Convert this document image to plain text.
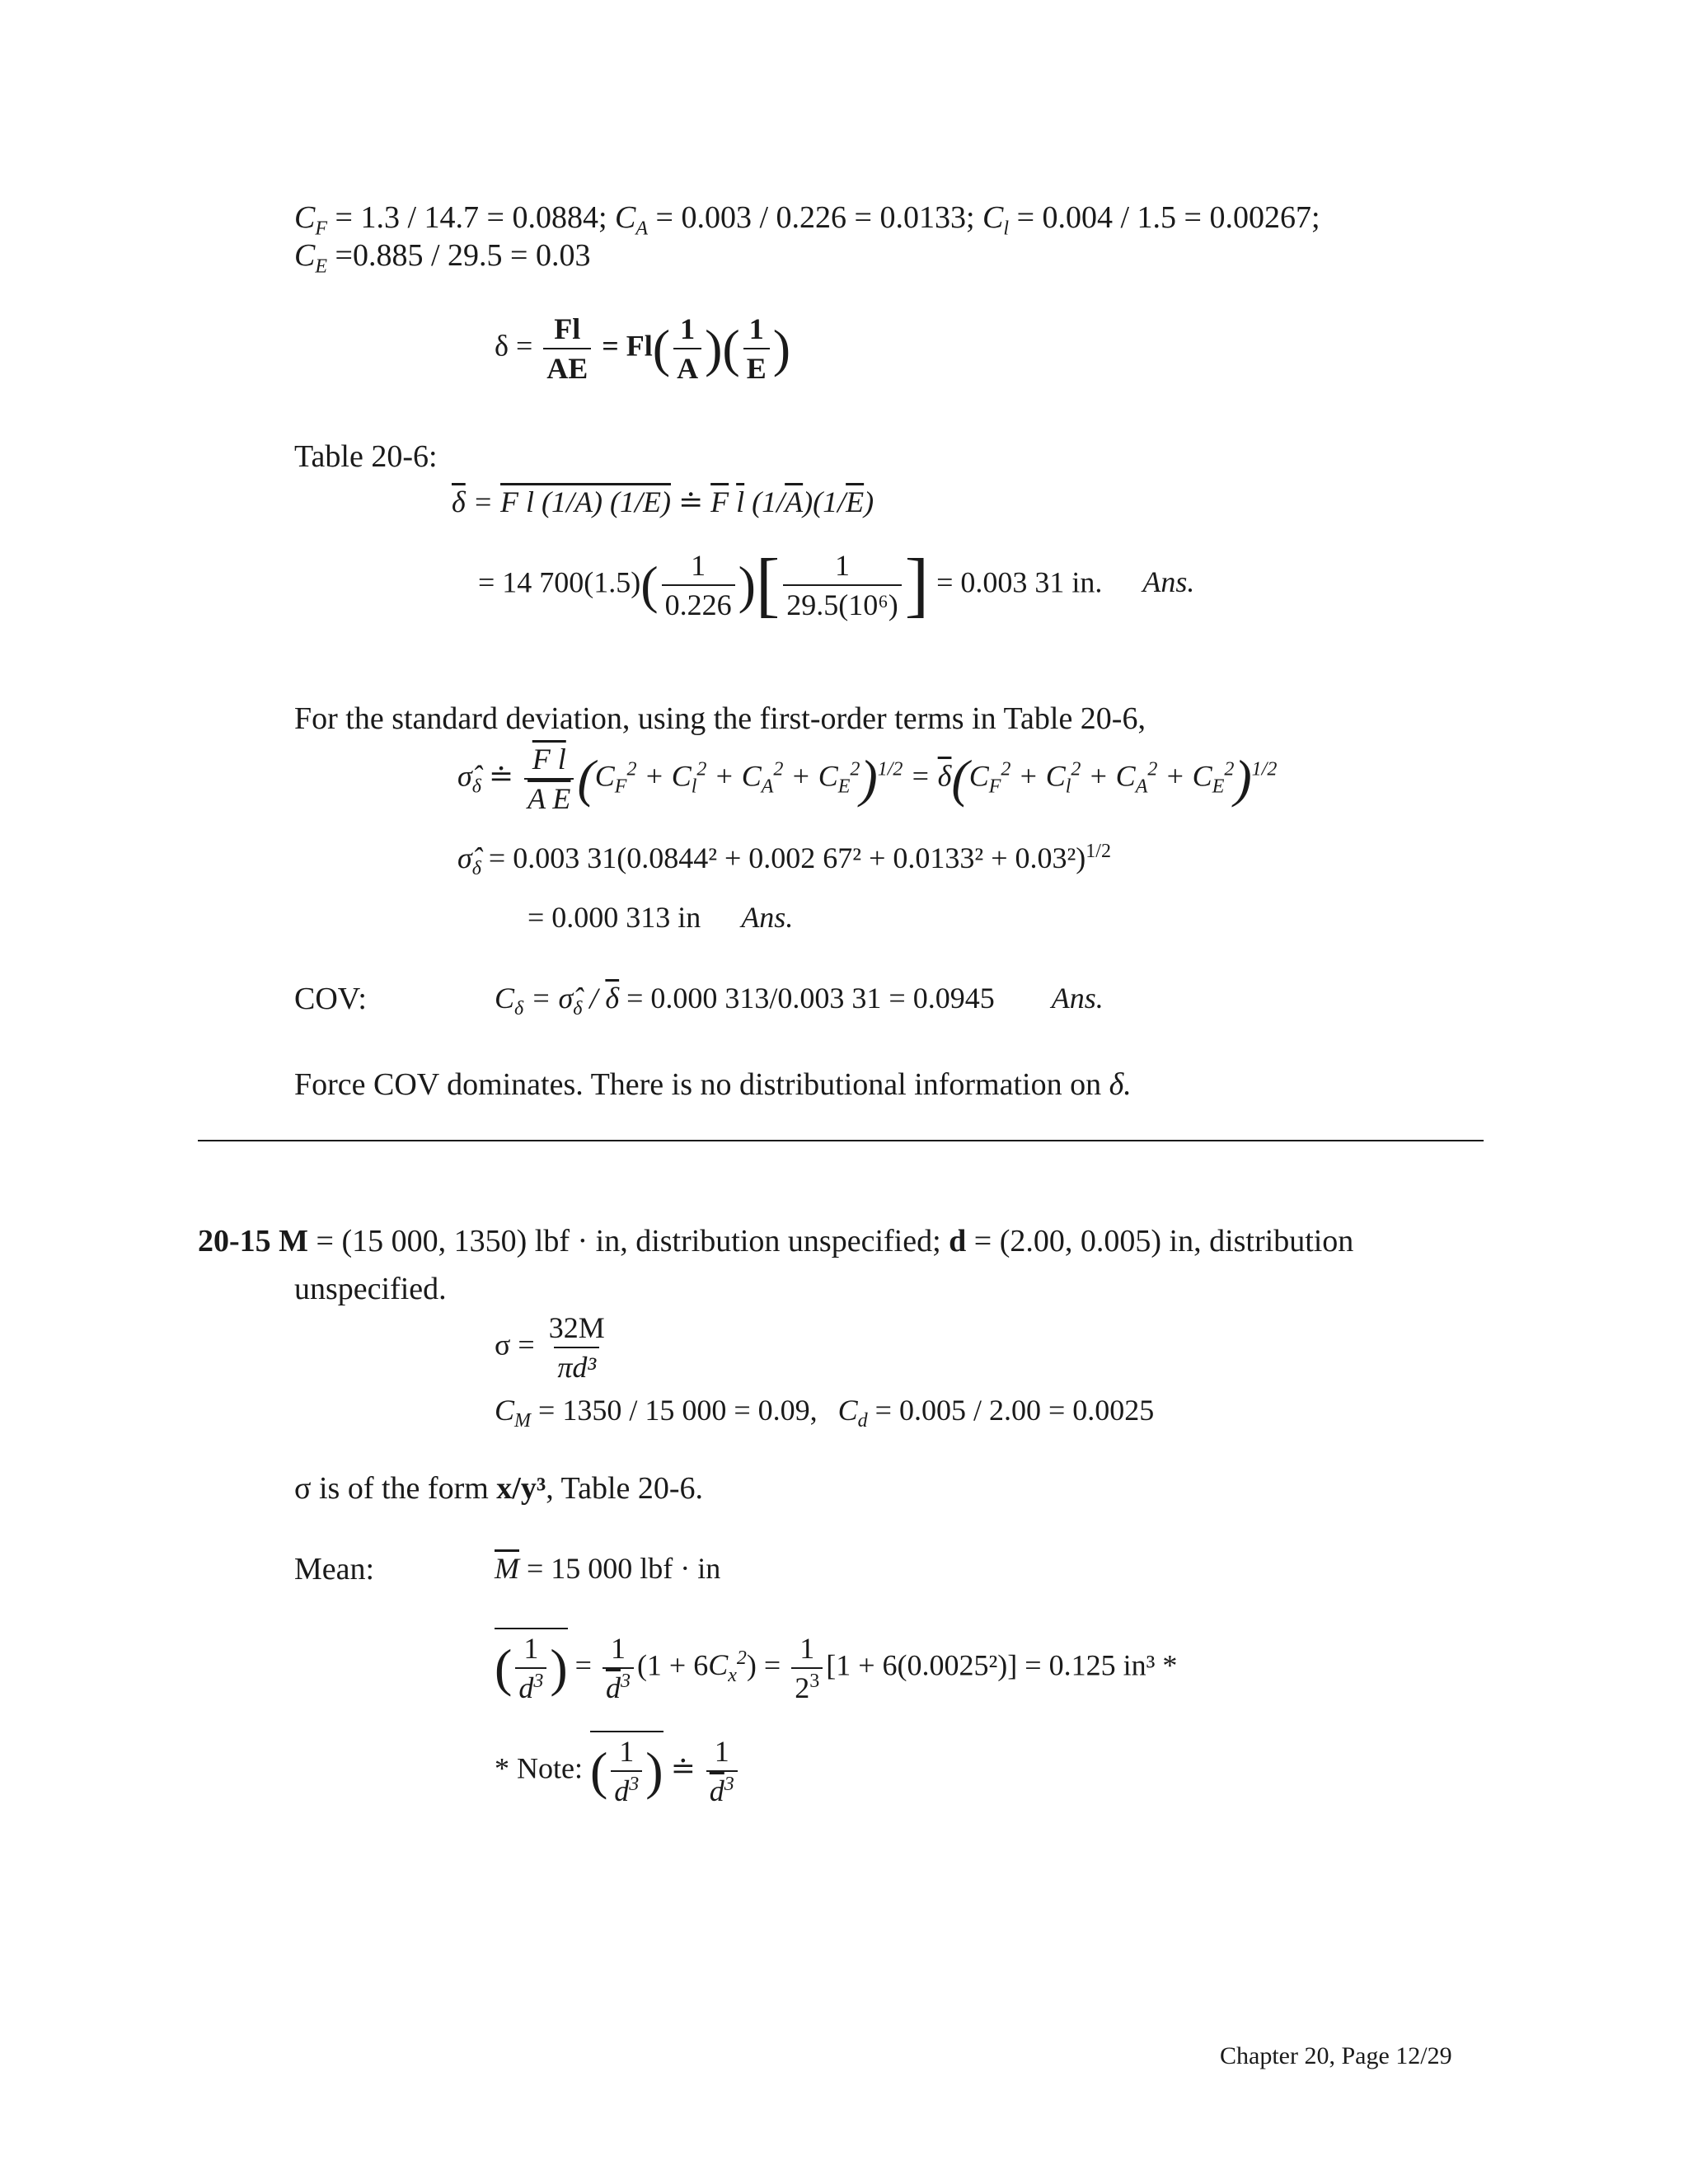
$C_F = 1.3 / 14.7 = 0.0884$; $C_A = 0.003 / 0.226 = 0.0133$; $C_l = 0.004 / 1.5 = 0.00267$;
$C_E =0.885 / 29.5 = 0.03$
$\delta = \frac{Fl}{AE} = Fl( \frac{1}{A}$ )( $\frac{1}{E}$ )
Table 20-6:
$\overline{\delta} = F$ l (1/A) (1/E) ≐ $\overline{F}$ $\overline{l}$ $(1/\overline{A})(1/\overline{E})$
= 14 $700(1.5)( \frac{1}{0.226}$ )[ $\frac{1}{\text{29.5(10⁶)}}$ ] = 0.003 31 in. Ans.
For the standard deviation, using the first-order terms in Table 20-6,
$\sigmâ_\delta$ ≐ $\frac{\text{F l}}{\text{A E}} (C_F^2 + C_l^2 + C_A^2 + C_E^2)^{1/2} = \overline{\delta}(C_F^2 + C_l^2 + C_A^2 + C_E^2)^{1/2}$
$\sigmâ_\delta = 0.003$ 31(0.0844² + 0.002 67² + 0.0133² + 0.03²)$^{1/2}$
= 0.000 313 in Ans.
COV:	$C_\delta$ = $\sigmâ_\delta / \overline{\delta} = 0.000$ 313/0.003 31 = 0.0945 Ans.
Force COV dominates. There is no distributional information on δ.
20-15 M = (15 000, 1350) lbf · in, distribution unspecified; d = (2.00, 0.005) in, distribution
unspecified.
$\sigma = \frac{32M}{\text{πd³}}$
$C_M = 1350 / 15$ 000 = 0.09, $C_d = 0.005 / 2.00 = 0.0025$
σ is of the form x/y³, Table 20-6.
Mean:	$\overline{M} = 15$ 000 lbf · in
( $\frac{1}{d^3}$ ) = $\frac{1}{\overline{d}^3} (1 + 6C_x^2) = \frac{1}{2^3} [1 + 6(0.0025^2)] = 0.125$ in³ *
* Note: ( $\frac{1}{d^3}$ ) ≐ $\frac{1}{\overline{d}^3}$
Chapter 20, Page 12/29
